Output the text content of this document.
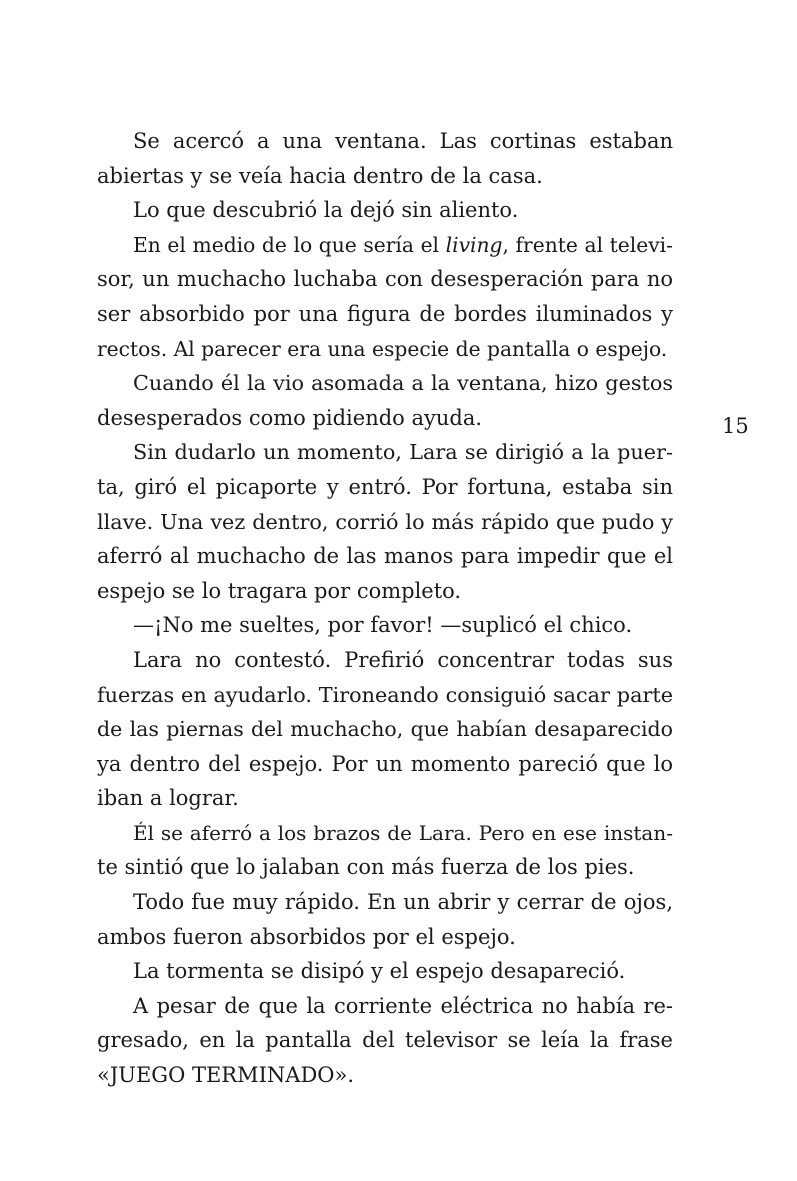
Se acercó a una ventana. Las cortinas estaban
abiertas y se veía hacia dentro de la casa.
Lo que descubrió la dejó sin aliento.
En el medio de lo que sería el living, frente al televi-
sor, un muchacho luchaba con desesperación para no
ser absorbido por una figura de bordes iluminados y
rectos. Al parecer era una especie de pantalla o espejo.
Cuando él la vio asomada a la ventana, hizo gestos
desesperados como pidiendo ayuda.
Sin dudarlo un momento, Lara se dirigió a la puer-
ta, giró el picaporte y entró. Por fortuna, estaba sin
llave. Una vez dentro, corrió lo más rápido que pudo y
aferró al muchacho de las manos para impedir que el
espejo se lo tragara por completo.
—¡No me sueltes, por favor! —suplicó el chico.
Lara no contestó. Prefirió concentrar todas sus
fuerzas en ayudarlo. Tironeando consiguió sacar parte
de las piernas del muchacho, que habían desaparecido
ya dentro del espejo. Por un momento pareció que lo
iban a lograr.
Él se aferró a los brazos de Lara. Pero en ese instan-
te sintió que lo jalaban con más fuerza de los pies.
Todo fue muy rápido. En un abrir y cerrar de ojos,
ambos fueron absorbidos por el espejo.
La tormenta se disipó y el espejo desapareció.
A pesar de que la corriente eléctrica no había re-
gresado, en la pantalla del televisor se leía la frase
«JUEGO TERMINADO».
15
